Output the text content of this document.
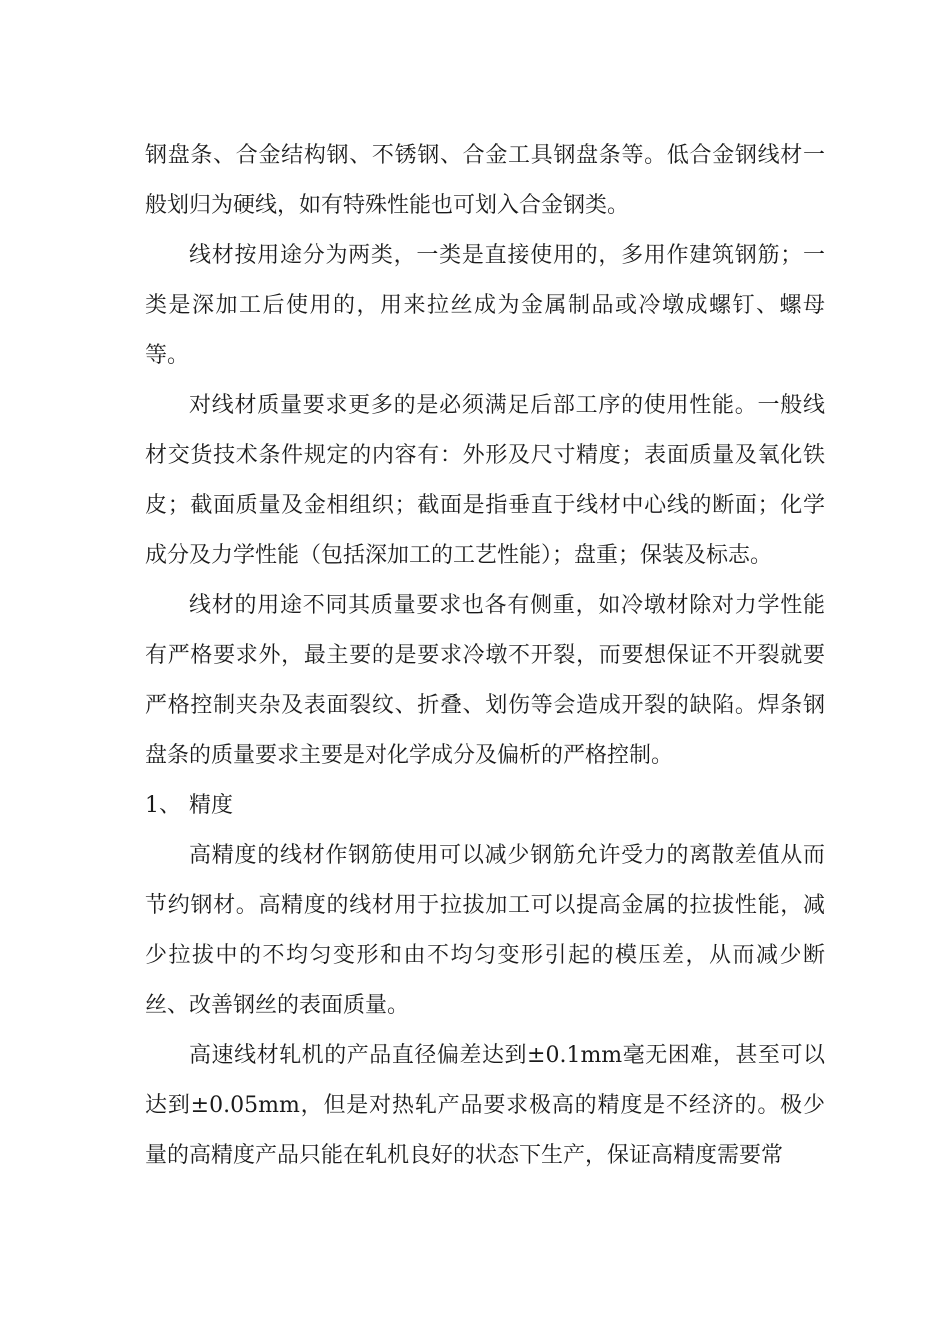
钢盘条、合金结构钢、不锈钢、合金工具钢盘条等。低合金钢线材一般划归为硬线，如有特殊性能也可划入合金钢类。

线材按用途分为两类，一类是直接使用的，多用作建筑钢筋；一类是深加工后使用的，用来拉丝成为金属制品或冷墩成螺钉、螺母等。

对线材质量要求更多的是必须满足后部工序的使用性能。一般线材交货技术条件规定的内容有：外形及尺寸精度；表面质量及氧化铁皮；截面质量及金相组织；截面是指垂直于线材中心线的断面；化学成分及力学性能（包括深加工的工艺性能）；盘重；保装及标志。

线材的用途不同其质量要求也各有侧重，如冷墩材除对力学性能有严格要求外，最主要的是要求冷墩不开裂，而要想保证不开裂就要严格控制夹杂及表面裂纹、折叠、划伤等会造成开裂的缺陷。焊条钢盘条的质量要求主要是对化学成分及偏析的严格控制。

1、 精度

高精度的线材作钢筋使用可以减少钢筋允许受力的离散差值从而节约钢材。高精度的线材用于拉拔加工可以提高金属的拉拔性能，减少拉拔中的不均匀变形和由不均匀变形引起的模压差，从而减少断丝、改善钢丝的表面质量。

高速线材轧机的产品直径偏差达到±0.1mm毫无困难，甚至可以达到±0.05mm，但是对热轧产品要求极高的精度是不经济的。极少量的高精度产品只能在轧机良好的状态下生产，保证高精度需要常
